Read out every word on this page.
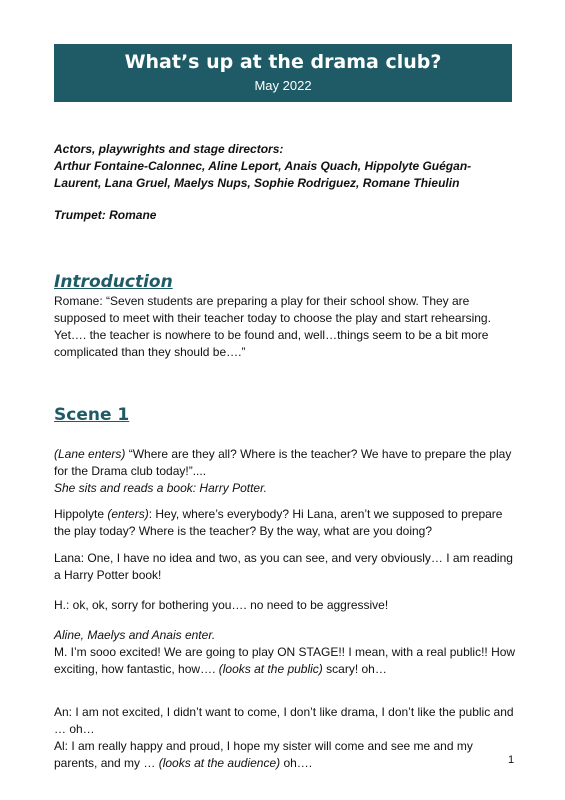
What’s up at the drama club?
May 2022
Actors, playwrights and stage directors:
Arthur Fontaine-Calonnec, Aline Leport, Anais Quach, Hippolyte Guégan-
Laurent, Lana Gruel, Maelys Nups, Sophie Rodriguez, Romane Thieulin
Trumpet: Romane
Introduction
Romane: “Seven students are preparing a play for their school show. They are supposed to meet with their teacher today to choose the play and start rehearsing. Yet…. the teacher is nowhere to be found and, well…things seem to be a bit more complicated than they should be….”
Scene 1
(Lane enters) “Where are they all? Where is the teacher? We have to prepare the play for the Drama club today!”....
She sits and reads a book: Harry Potter.
Hippolyte (enters): Hey, where’s everybody? Hi Lana, aren’t we supposed to prepare the play today? Where is the teacher? By the way, what are you doing?
Lana: One, I have no idea and two, as you can see, and very obviously… I am reading a Harry Potter book!
H.: ok, ok, sorry for bothering you…. no need to be aggressive!
Aline, Maelys and Anais enter.
M. I’m sooo excited! We are going to play ON STAGE!! I mean, with a real public!! How exciting, how fantastic, how…. (looks at the public) scary! oh…
An: I am not excited, I didn’t want to come, I don’t like drama, I don’t like the public and … oh…
Al: I am really happy and proud, I hope my sister will come and see me and my parents, and my … (looks at the audience) oh….	1
